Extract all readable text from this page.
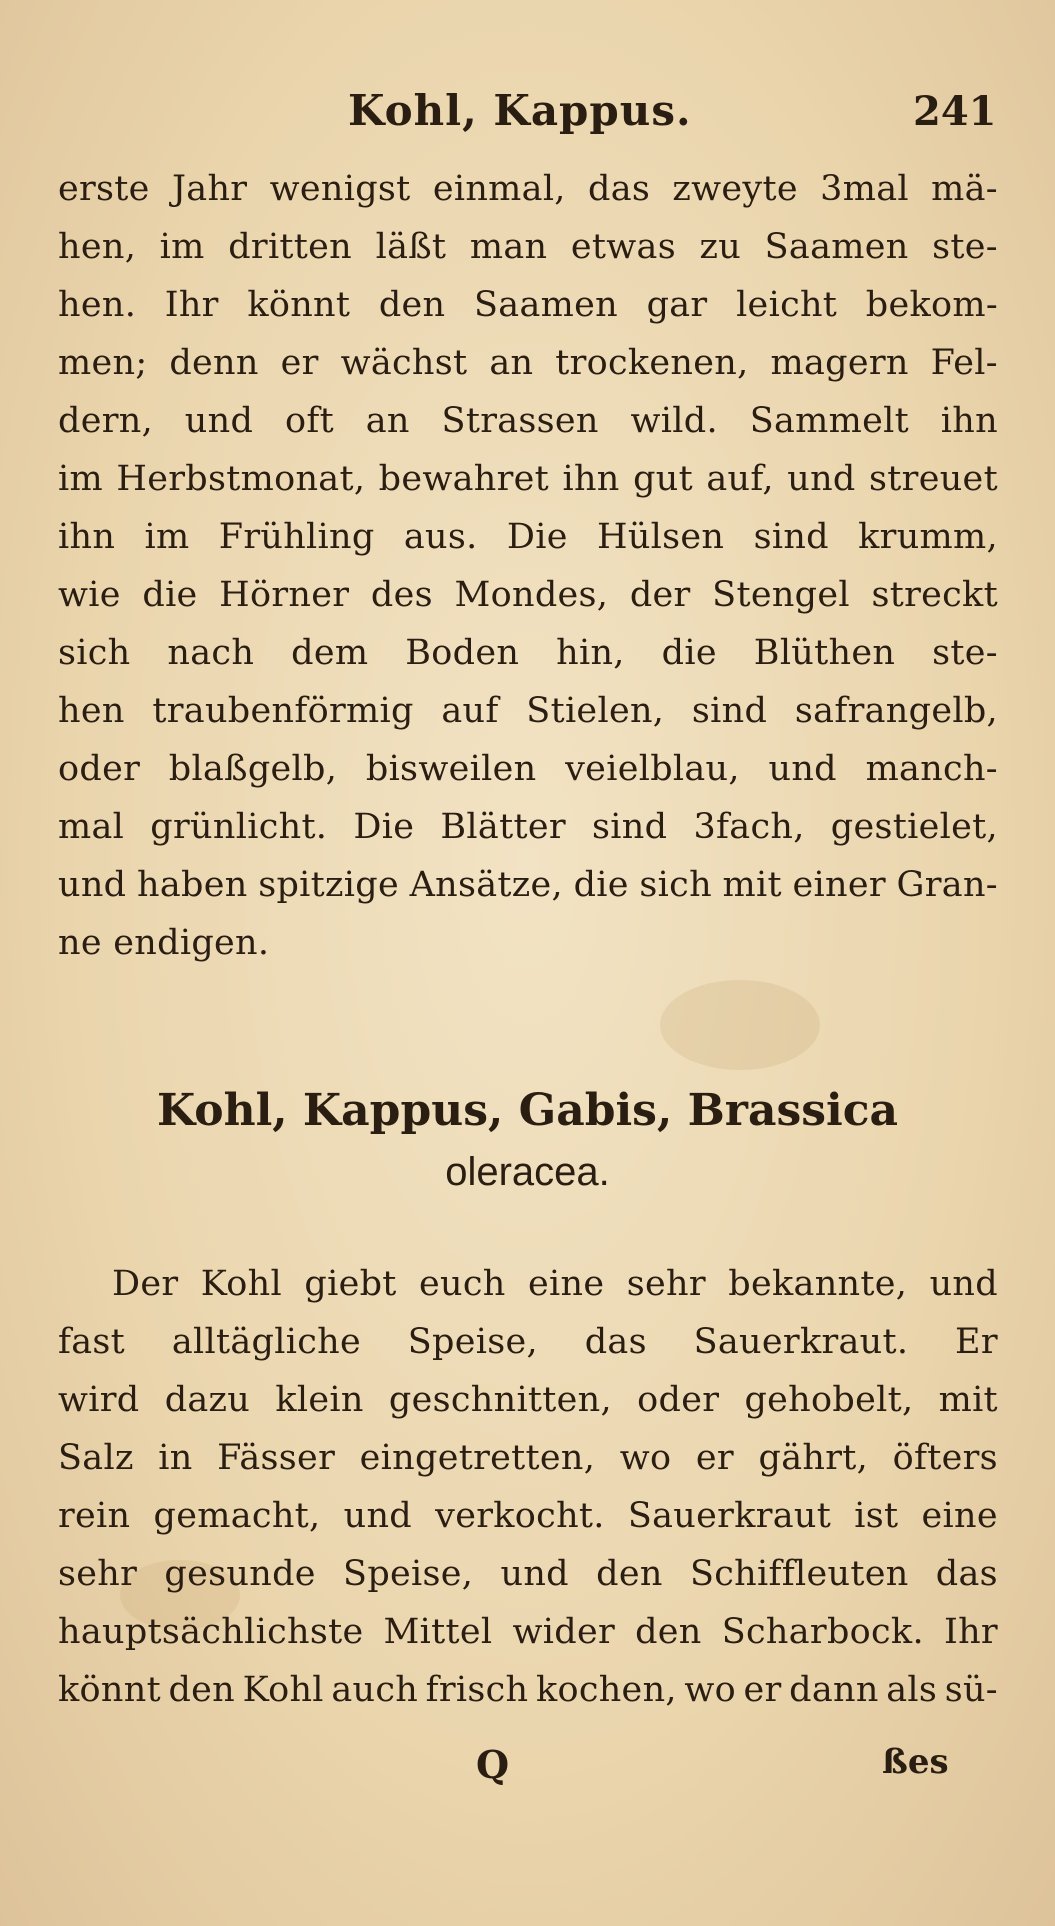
Kohl, Kappus.	241
erste Jahr wenigst einmal, das zweyte 3mal mä-
hen, im dritten läßt man etwas zu Saamen ste-
hen. Ihr könnt den Saamen gar leicht bekom-
men; denn er wächst an trockenen, magern Fel-
dern, und oft an Strassen wild. Sammelt ihn
im Herbstmonat, bewahret ihn gut auf, und streuet
ihn im Frühling aus. Die Hülsen sind krumm,
wie die Hörner des Mondes, der Stengel streckt
sich nach dem Boden hin, die Blüthen ste-
hen traubenförmig auf Stielen, sind safrangelb,
oder blaßgelb, bisweilen veielblau, und manch-
mal grünlicht. Die Blätter sind 3fach, gestielet,
und haben spitzige Ansätze, die sich mit einer Gran-
ne endigen.
Kohl, Kappus, Gabis, Brassica
oleracea.
Der Kohl giebt euch eine sehr bekannte, und
fast alltägliche Speise, das Sauerkraut. Er
wird dazu klein geschnitten, oder gehobelt, mit
Salz in Fässer eingetretten, wo er gährt, öfters
rein gemacht, und verkocht. Sauerkraut ist eine
sehr gesunde Speise, und den Schiffleuten das
hauptsächlichste Mittel wider den Scharbock. Ihr
könnt den Kohl auch frisch kochen, wo er dann als sü-
Q	ßes
